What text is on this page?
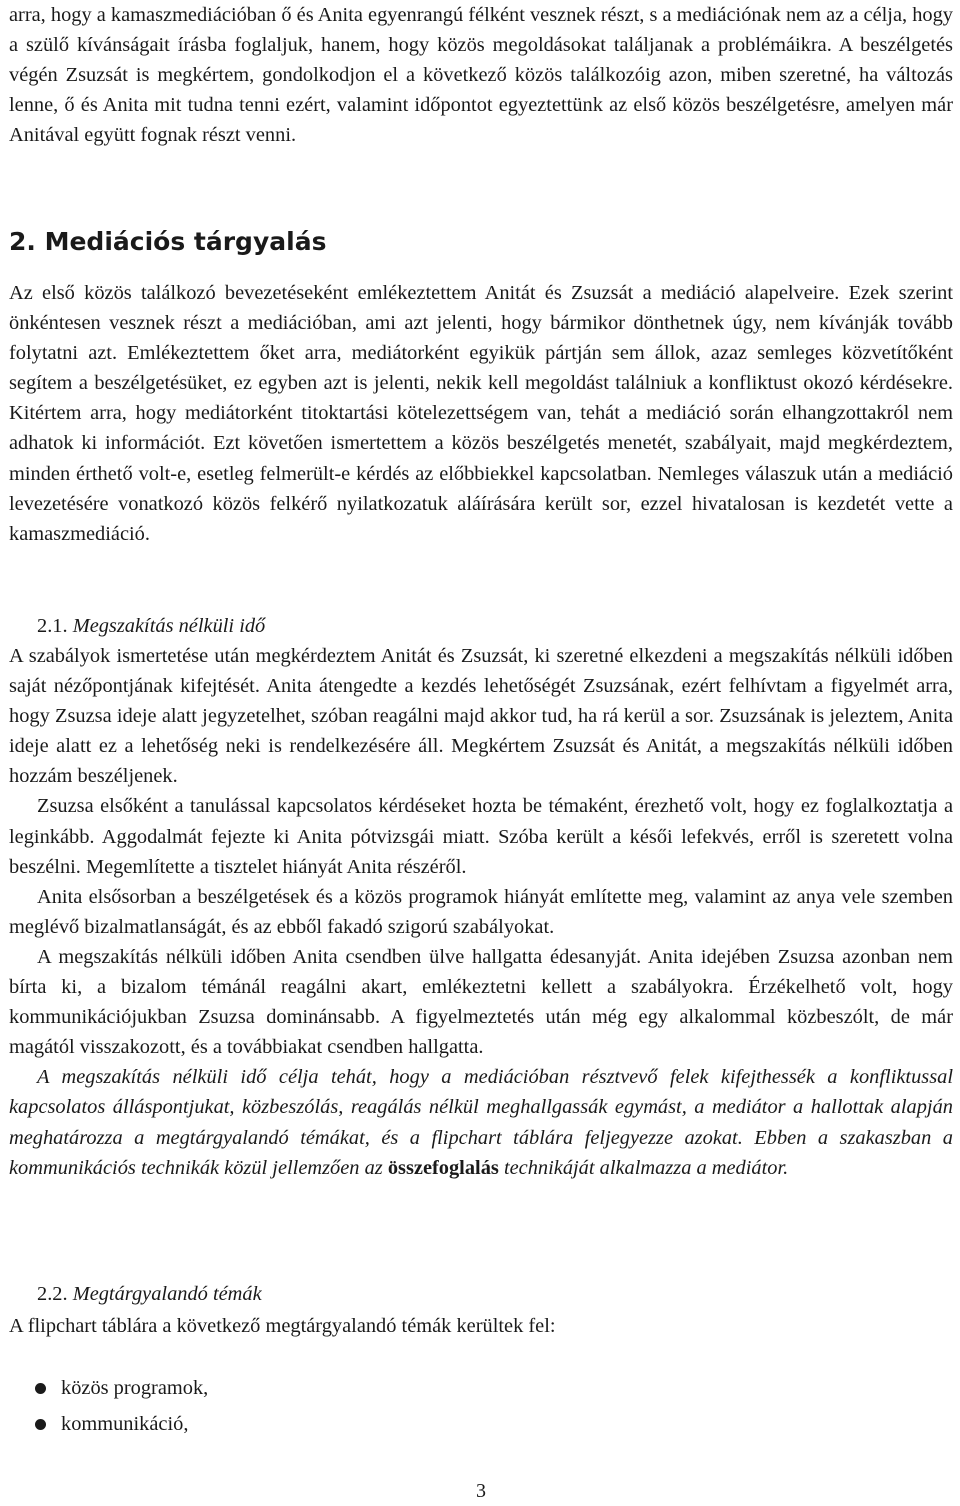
arra, hogy a kamaszmediációban ő és Anita egyenrangú félként vesznek részt, s a mediációnak nem az a célja, hogy a szülő kívánságait írásba foglaljuk, hanem, hogy közös megoldásokat találjanak a problémáikra. A beszélgetés végén Zsuzsát is megkértem, gondolkodjon el a következő közös találkozóig azon, miben szeretné, ha változás lenne, ő és Anita mit tudna tenni ezért, valamint időpontot egyeztettünk az első közös beszélgetésre, amelyen már Anitával együtt fognak részt venni.

2. Mediációs tárgyalás

Az első közös találkozó bevezetéseként emlékeztettem Anitát és Zsuzsát a mediáció alapelveire. Ezek szerint önkéntesen vesznek részt a mediációban, ami azt jelenti, hogy bármikor dönthetnek úgy, nem kívánják tovább folytatni azt. Emlékeztettem őket arra, mediátorként egyikük pártján sem állok, azaz semleges közvetítőként segítem a beszélgetésüket, ez egyben azt is jelenti, nekik kell megoldást találniuk a konfliktust okozó kérdésekre. Kitértem arra, hogy mediátorként titoktartási kötelezettségem van, tehát a mediáció során elhangzottakról nem adhatok ki információt. Ezt követően ismertettem a közös beszélgetés menetét, szabályait, majd megkérdeztem, minden érthető volt-e, esetleg felmerült-e kérdés az előbbiekkel kapcsolatban. Nemleges válaszuk után a mediáció levezetésére vonatkozó közös felkérő nyilatkozatuk aláírására került sor, ezzel hivatalosan is kezdetét vette a kamaszmediáció.

2.1. Megszakítás nélküli idő

A szabályok ismertetése után megkérdeztem Anitát és Zsuzsát, ki szeretné elkezdeni a megszakítás nélküli időben saját nézőpontjának kifejtését. Anita átengedte a kezdés lehetőségét Zsuzsának, ezért felhívtam a figyelmét arra, hogy Zsuzsa ideje alatt jegyzetelhet, szóban reagálni majd akkor tud, ha rá kerül a sor. Zsuzsának is jeleztem, Anita ideje alatt ez a lehetőség neki is rendelkezésére áll. Megkértem Zsuzsát és Anitát, a megszakítás nélküli időben hozzám beszéljenek.

Zsuzsa elsőként a tanulással kapcsolatos kérdéseket hozta be témaként, érezhető volt, hogy ez foglalkoztatja a leginkább. Aggodalmát fejezte ki Anita pótvizsgái miatt. Szóba került a késői lefekvés, erről is szeretett volna beszélni. Megemlítette a tisztelet hiányát Anita részéről.

Anita elsősorban a beszélgetések és a közös programok hiányát említette meg, valamint az anya vele szemben meglévő bizalmatlanságát, és az ebből fakadó szigorú szabályokat.

A megszakítás nélküli időben Anita csendben ülve hallgatta édesanyját. Anita idejében Zsuzsa azonban nem bírta ki, a bizalom témánál reagálni akart, emlékeztetni kellett a szabályokra. Érzékelhető volt, hogy kommunikációjukban Zsuzsa dominánsabb. A figyelmeztetés után még egy alkalommal közbeszólt, de már magától visszakozott, és a továbbiakat csendben hallgatta.

A megszakítás nélküli idő célja tehát, hogy a mediációban résztvevő felek kifejthessék a konfliktussal kapcsolatos álláspontjukat, közbeszólás, reagálás nélkül meghallgassák egymást, a mediátor a hallottak alapján meghatározza a megtárgyalandó témákat, és a flipchart táblára feljegyezze azokat. Ebben a szakaszban a kommunikációs technikák közül jellemzően az összefoglalás technikáját alkalmazza a mediátor.

2.2. Megtárgyalandó témák

A flipchart táblára a következő megtárgyalandó témák kerültek fel:

közös programok,
kommunikáció,
3
